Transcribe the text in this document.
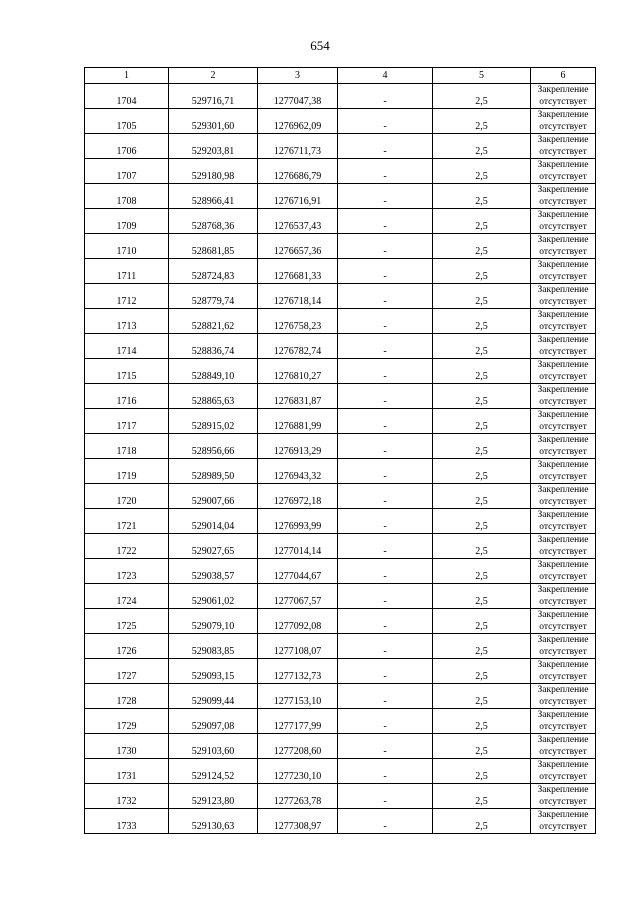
654
1	2	3	4	5	6
1704	529716,71	1277047,38	-	2,5	Закрепление отсутствует
1705	529301,60	1276962,09	-	2,5	Закрепление отсутствует
1706	529203,81	1276711,73	-	2,5	Закрепление отсутствует
1707	529180,98	1276686,79	-	2,5	Закрепление отсутствует
1708	528966,41	1276716,91	-	2,5	Закрепление отсутствует
1709	528768,36	1276537,43	-	2,5	Закрепление отсутствует
1710	528681,85	1276657,36	-	2,5	Закрепление отсутствует
1711	528724,83	1276681,33	-	2,5	Закрепление отсутствует
1712	528779,74	1276718,14	-	2,5	Закрепление отсутствует
1713	528821,62	1276758,23	-	2,5	Закрепление отсутствует
1714	528836,74	1276782,74	-	2,5	Закрепление отсутствует
1715	528849,10	1276810,27	-	2,5	Закрепление отсутствует
1716	528865,63	1276831,87	-	2,5	Закрепление отсутствует
1717	528915,02	1276881,99	-	2,5	Закрепление отсутствует
1718	528956,66	1276913,29	-	2,5	Закрепление отсутствует
1719	528989,50	1276943,32	-	2,5	Закрепление отсутствует
1720	529007,66	1276972,18	-	2,5	Закрепление отсутствует
1721	529014,04	1276993,99	-	2,5	Закрепление отсутствует
1722	529027,65	1277014,14	-	2,5	Закрепление отсутствует
1723	529038,57	1277044,67	-	2,5	Закрепление отсутствует
1724	529061,02	1277067,57	-	2,5	Закрепление отсутствует
1725	529079,10	1277092,08	-	2,5	Закрепление отсутствует
1726	529083,85	1277108,07	-	2,5	Закрепление отсутствует
1727	529093,15	1277132,73	-	2,5	Закрепление отсутствует
1728	529099,44	1277153,10	-	2,5	Закрепление отсутствует
1729	529097,08	1277177,99	-	2,5	Закрепление отсутствует
1730	529103,60	1277208,60	-	2,5	Закрепление отсутствует
1731	529124,52	1277230,10	-	2,5	Закрепление отсутствует
1732	529123,80	1277263,78	-	2,5	Закрепление отсутствует
1733	529130,63	1277308,97	-	2,5	Закрепление отсутствует
